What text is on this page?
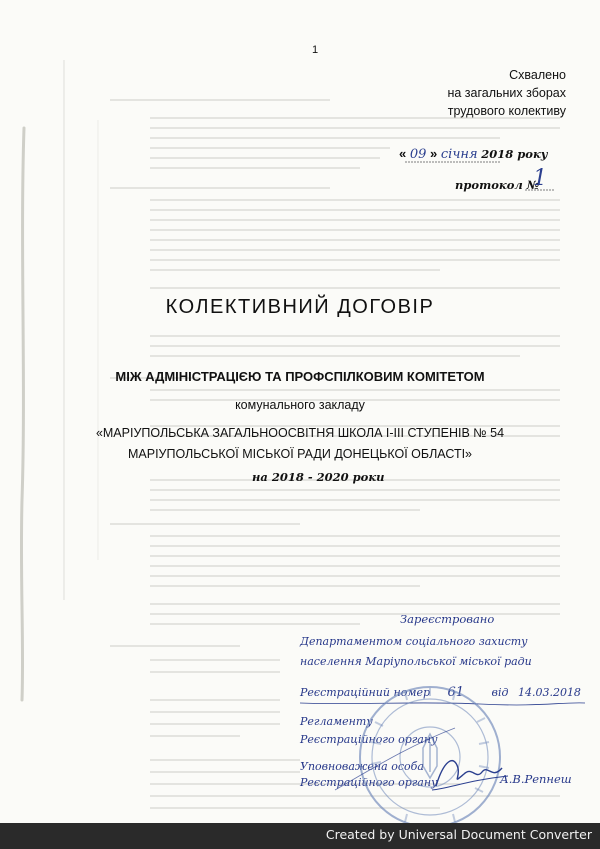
1
Схвалено
на загальних зборах
трудового колективу
« 09 » січня 2018 року
протокол №
1
КОЛЕКТИВНИЙ ДОГОВІР
МІЖ АДМІНІСТРАЦІЄЮ ТА ПРОФСПІЛКОВИМ КОМІТЕТОМ
комунального закладу
«МАРІУПОЛЬСЬКА ЗАГАЛЬНООСВІТНЯ ШКОЛА І-ІІІ СТУПЕНІВ № 54
МАРІУПОЛЬСЬКОЇ МІСЬКОЇ РАДИ ДОНЕЦЬКОЇ ОБЛАСТІ»
на 2018 - 2020 роки
Зареєстровано
Департаментом соціального захисту
населення Маріупольської міської ради
Реєстраційний номер 61	від 14.03.2018
Регламенту
Реєстраційного органу
Уповноважена особа
Реєстраційного органу	А.В.Репнеш
Created by Universal Document Converter
